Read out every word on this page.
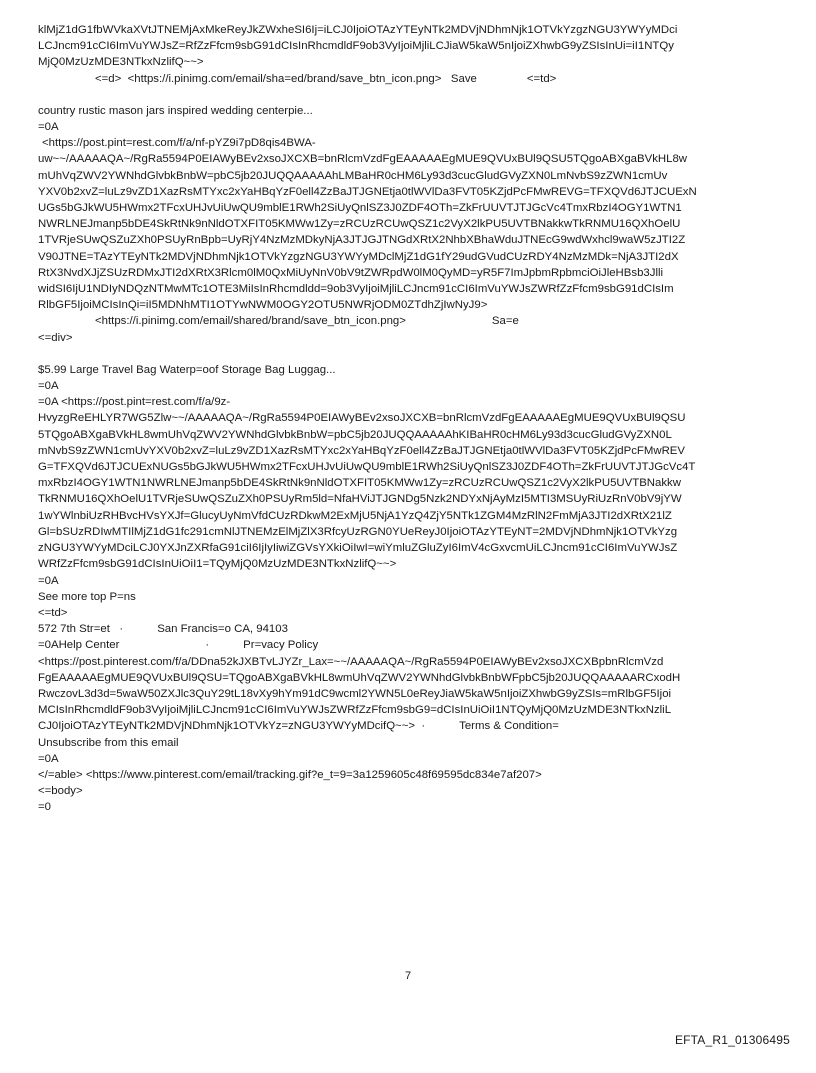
klMjZ1dG1fbWVkaXVtJTNEMjAxMkeReyJkZWxheSI6Ij=iLCJ0IjoiOTAzYTEyNTk2MDVjNDhmNjk1OTVkYzgzNGU3YWYyMDci
LCJncm91cCI6ImVuYWJsZ=RfZzFfcm9sbG91dCIsInRhcmdldF9ob3VyIjoiMjliLCJiaW5kaW5nIjoiZXhwbG9yZSIsInUi=iI1NTQy
MjQ0MzUzMDE3NTkxNzlifQ~~>
<=d> <https://i.pinimg.com/email/sha=ed/brand/save_btn_icon.png> Save	<=td>
country rustic mason jars inspired wedding centerpie...
=0A
<https://post.pint=rest.com/f/a/nf-pYZ9i7pD8qis4BWA-
uw~~/AAAAAQA~/RgRa5594P0EIAWyBEv2xsoJXCXB=bnRlcmVzdFgEAAAAAEgMUE9QVUxBUl9QSU5TQgoABXgaBVkHL8w
mUhVqZWV2YWNhdGlvbkBnbW=pbC5jb20JUQQAAAAAhLMBaHR0cHM6Ly93d3cucGludGVyZXN0LmNvbS9zZWN1cmUv
YXV0b2xvZ=luLz9vZD1XazRsMTYxc2xYaHBqYzF0ell4ZzBaJTJGNEtja0tlWVlDa3FVT05KZjdPcFMwREVG=TFXQVd6JTJCUExN
UGs5bGJkWU5HWmx2TFcxUHJvUiUwQU9mblE1RWh2SiUyQnlSZ3J0ZDF4OTh=ZkFrUUVTJTJGcVc4TmxRbzI4OGY1WTN1
NWRLNEJmanp5bDE4SkRtNk9nNldOTXFIT05KMWw1Zy=zRCUzRCUwQSZ1c2VyX2lkPU5UVTBNakkwTkRNMU16QXhOelU
1TVRjeSUwQSZuZXh0PSUyRnBpb=UyRjY4NzMzMDkyNjA3JTJGJTNGdXRtX2NhbXBhaWduJTNEcG9wdWxhcl9waW5zJTI2Z
V90JTNE=TAzYTEyNTk2MDVjNDhmNjk1OTVkYzgzNGU3YWYyMDclMjZ1dG1fY29udGVudCUzRDY4NzMzMDk=NjA3JTI2dX
RtX3NvdXJjZSUzRDMxJTI2dXRtX3Rlcm0lM0QxMiUyNnV0bV9tZWRpdW0lM0QyMD=yR5F7ImJpbmRpbmciOiJleHBsb3Jlli
widSI6IjU1NDIyNDQzNTMwMTc1OTE3MiIsInRhcmdldd=9ob3VyIjoiMjliLCJncm91cCI6ImVuYWJsZWRfZzFfcm9sbG91dCIsIm
RlbGF5IjoiMCIsInQi=iI5MDNhMTI1OTYwNWM0OGY2OTU5NWRjODM0ZTdhZjIwNyJ9>
<https://i.pinimg.com/email/shared/brand/save_btn_icon.png>	Sa=e
<=div>
$5.99 Large Travel Bag Waterp=oof Storage Bag Luggag...
=0A
=0A <https://post.pint=rest.com/f/a/9z-
HvyzgReEHLYR7WG5Zlw~~/AAAAAQA~/RgRa5594P0EIAWyBEv2xsoJXCXB=bnRlcmVzdFgEAAAAAEgMUE9QVUxBUl9QSU
5TQgoABXgaBVkHL8wmUhVqZWV2YWNhdGlvbkBnbW=pbC5jb20JUQQAAAAAhKIBaHR0cHM6Ly93d3cucGludGVyZXN0L
mNvbS9zZWN1cmUvYXV0b2xvZ=luLz9vZD1XazRsMTYxc2xYaHBqYzF0ell4ZzBaJTJGNEtja0tlWVlDa3FVT05KZjdPcFMwREV
G=TFXQVd6JTJCUExNUGs5bGJkWU5HWmx2TFcxUHJvUiUwQU9mblE1RWh2SiUyQnlSZ3J0ZDF4OTh=ZkFrUUVTJTJGcVc4T
mxRbzI4OGY1WTN1NWRLNEJmanp5bDE4SkRtNk9nNldOTXFIT05KMWw1Zy=zRCUzRCUwQSZ1c2VyX2lkPU5UVTBNakkw
TkRNMU16QXhOelU1TVRjeSUwQSZuZXh0PSUyRm5ld=NfaHViJTJGNDg5Nzk2NDYxNjAyMzI5MTI3MSUyRiUzRnV0bV9jYW
1wYWlnbiUzRHBvcHVsYXJf=GlucyUyNmVfdCUzRDkwM2ExMjU5NjA1YzQ4ZjY5NTk1ZGM4MzRlN2FmMjA3JTI2dXRtX21lZ
Gl=bSUzRDIwMTIlMjZ1dG1fc291cmNlJTNEMzElMjZlX3RfcyUzRGN0YUeReyJ0IjoiOTAzYTEyNT=2MDVjNDhmNjk1OTVkYzg
zNGU3YWYyMDciLCJ0YXJnZXRfaG91ciI6IjIyIiwiZGVsYXkiOiIwI=wiYmluZGluZyI6ImV4cGxvcmUiLCJncm91cCI6ImVuYWJsZ
WRfZzFfcm9sbG91dCIsInUiOiI1=TQyMjQ0MzUzMDE3NTkxNzlifQ~~>
=0A
See more top P=ns
<=td>
572 7th Str=et ·	San Francis=o CA, 94103
=0AHelp Center	·	Pr=vacy Policy
<https://post.pinterest.com/f/a/DDna52kJXBTvLJYZr_Lax=~~/AAAAAQA~/RgRa5594P0EIAWyBEv2xsoJXCXBpbnRlcmVzd
FgEAAAAAEgMUE9QVUxBUl9QSU=TQgoABXgaBVkHL8wmUhVqZWV2YWNhdGlvbkBnbWFpbC5jb20JUQQAAAAARCxodH
RwczovL3d3d=5waW50ZXJlc3QuY29tL18vXy9hYm91dC9wcml2YWN5L0eReyJiaW5kaW5nIjoiZXhwbG9yZSIs=mRlbGF5Ijoi
MCIsInRhcmdldF9ob3VyIjoiMjliLCJncm91cCI6ImVuYWJsZWRfZzFfcm9sbG9=dCIsInUiOiI1NTQyMjQ0MzUzMDE3NTkxNzliL
CJ0IjoiOTAzYTEyNTk2MDVjNDhmNjk1OTVkYz=zNGU3YWYyMDcifQ~~> ·	Terms & Condition=
Unsubscribe from this email
=0A
</=able> <https://www.pinterest.com/email/tracking.gif?e_t=9=3a1259605c48f69595dc834e7af207>
<=body>
=0
7
EFTA_R1_01306495
